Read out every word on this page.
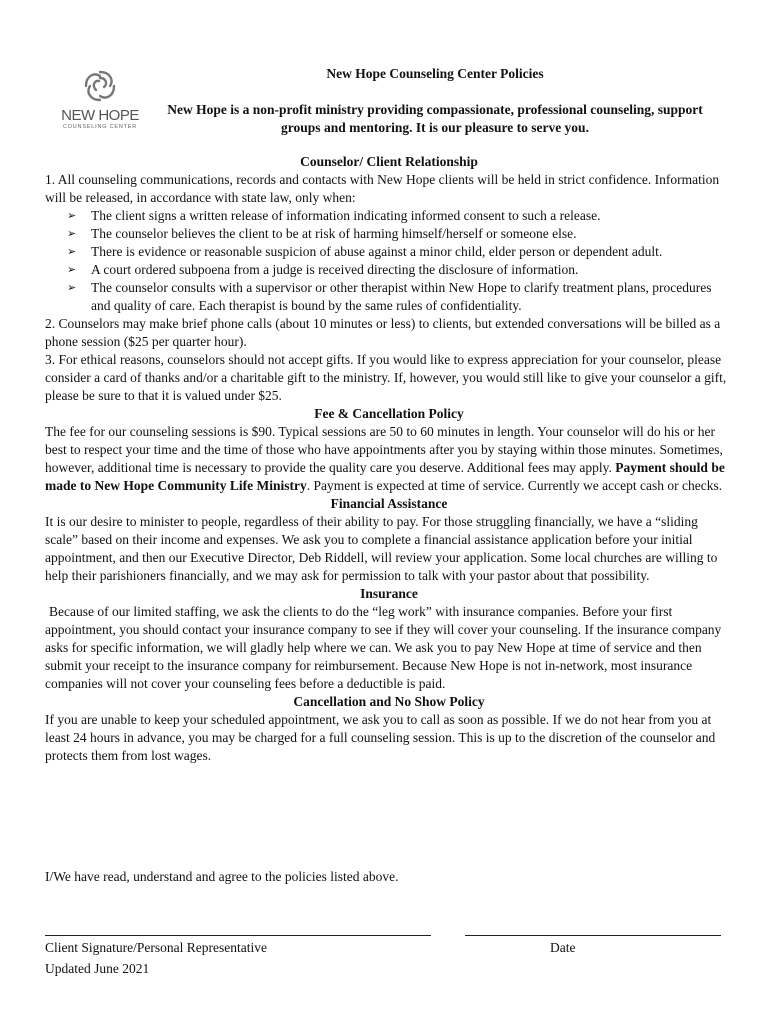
NEW HOPE
COUNSELING CENTER
New Hope Counseling Center Policies
New Hope is a non-profit ministry providing compassionate, professional counseling, support groups and mentoring. It is our pleasure to serve you.

Counselor/ Client Relationship

1. All counseling communications, records and contacts with New Hope clients will be held in strict confidence. Information will be released, in accordance with state law, only when:

➢ The client signs a written release of information indicating informed consent to such a release.
➢ The counselor believes the client to be at risk of harming himself/herself or someone else.
➢ There is evidence or reasonable suspicion of abuse against a minor child, elder person or dependent adult.
➢ A court ordered subpoena from a judge is received directing the disclosure of information.
➢ The counselor consults with a supervisor or other therapist within New Hope to clarify treatment plans, procedures and quality of care. Each therapist is bound by the same rules of confidentiality.

2. Counselors may make brief phone calls (about 10 minutes or less) to clients, but extended conversations will be billed as a phone session ($25 per quarter hour).

3. For ethical reasons, counselors should not accept gifts. If you would like to express appreciation for your counselor, please consider a card of thanks and/or a charitable gift to the ministry. If, however, you would still like to give your counselor a gift, please be sure to that it is valued under $25.

Fee & Cancellation Policy

The fee for our counseling sessions is $90. Typical sessions are 50 to 60 minutes in length. Your counselor will do his or her best to respect your time and the time of those who have appointments after you by staying within those minutes. Sometimes, however, additional time is necessary to provide the quality care you deserve. Additional fees may apply. Payment should be made to New Hope Community Life Ministry. Payment is expected at time of service. Currently we accept cash or checks.

Financial Assistance

It is our desire to minister to people, regardless of their ability to pay. For those struggling financially, we have a “sliding scale” based on their income and expenses. We ask you to complete a financial assistance application before your initial appointment, and then our Executive Director, Deb Riddell, will review your application. Some local churches are willing to help their parishioners financially, and we may ask for permission to talk with your pastor about that possibility.

Insurance

Because of our limited staffing, we ask the clients to do the “leg work” with insurance companies. Before your first appointment, you should contact your insurance company to see if they will cover your counseling. If the insurance company asks for specific information, we will gladly help where we can. We ask you to pay New Hope at time of service and then submit your receipt to the insurance company for reimbursement. Because New Hope is not in-network, most insurance companies will not cover your counseling fees before a deductible is paid.

Cancellation and No Show Policy

If you are unable to keep your scheduled appointment, we ask you to call as soon as possible. If we do not hear from you at least 24 hours in advance, you may be charged for a full counseling session. This is up to the discretion of the counselor and protects them from lost wages.

I/We have read, understand and agree to the policies listed above.
Client Signature/Personal Representative	Date
Updated June 2021
